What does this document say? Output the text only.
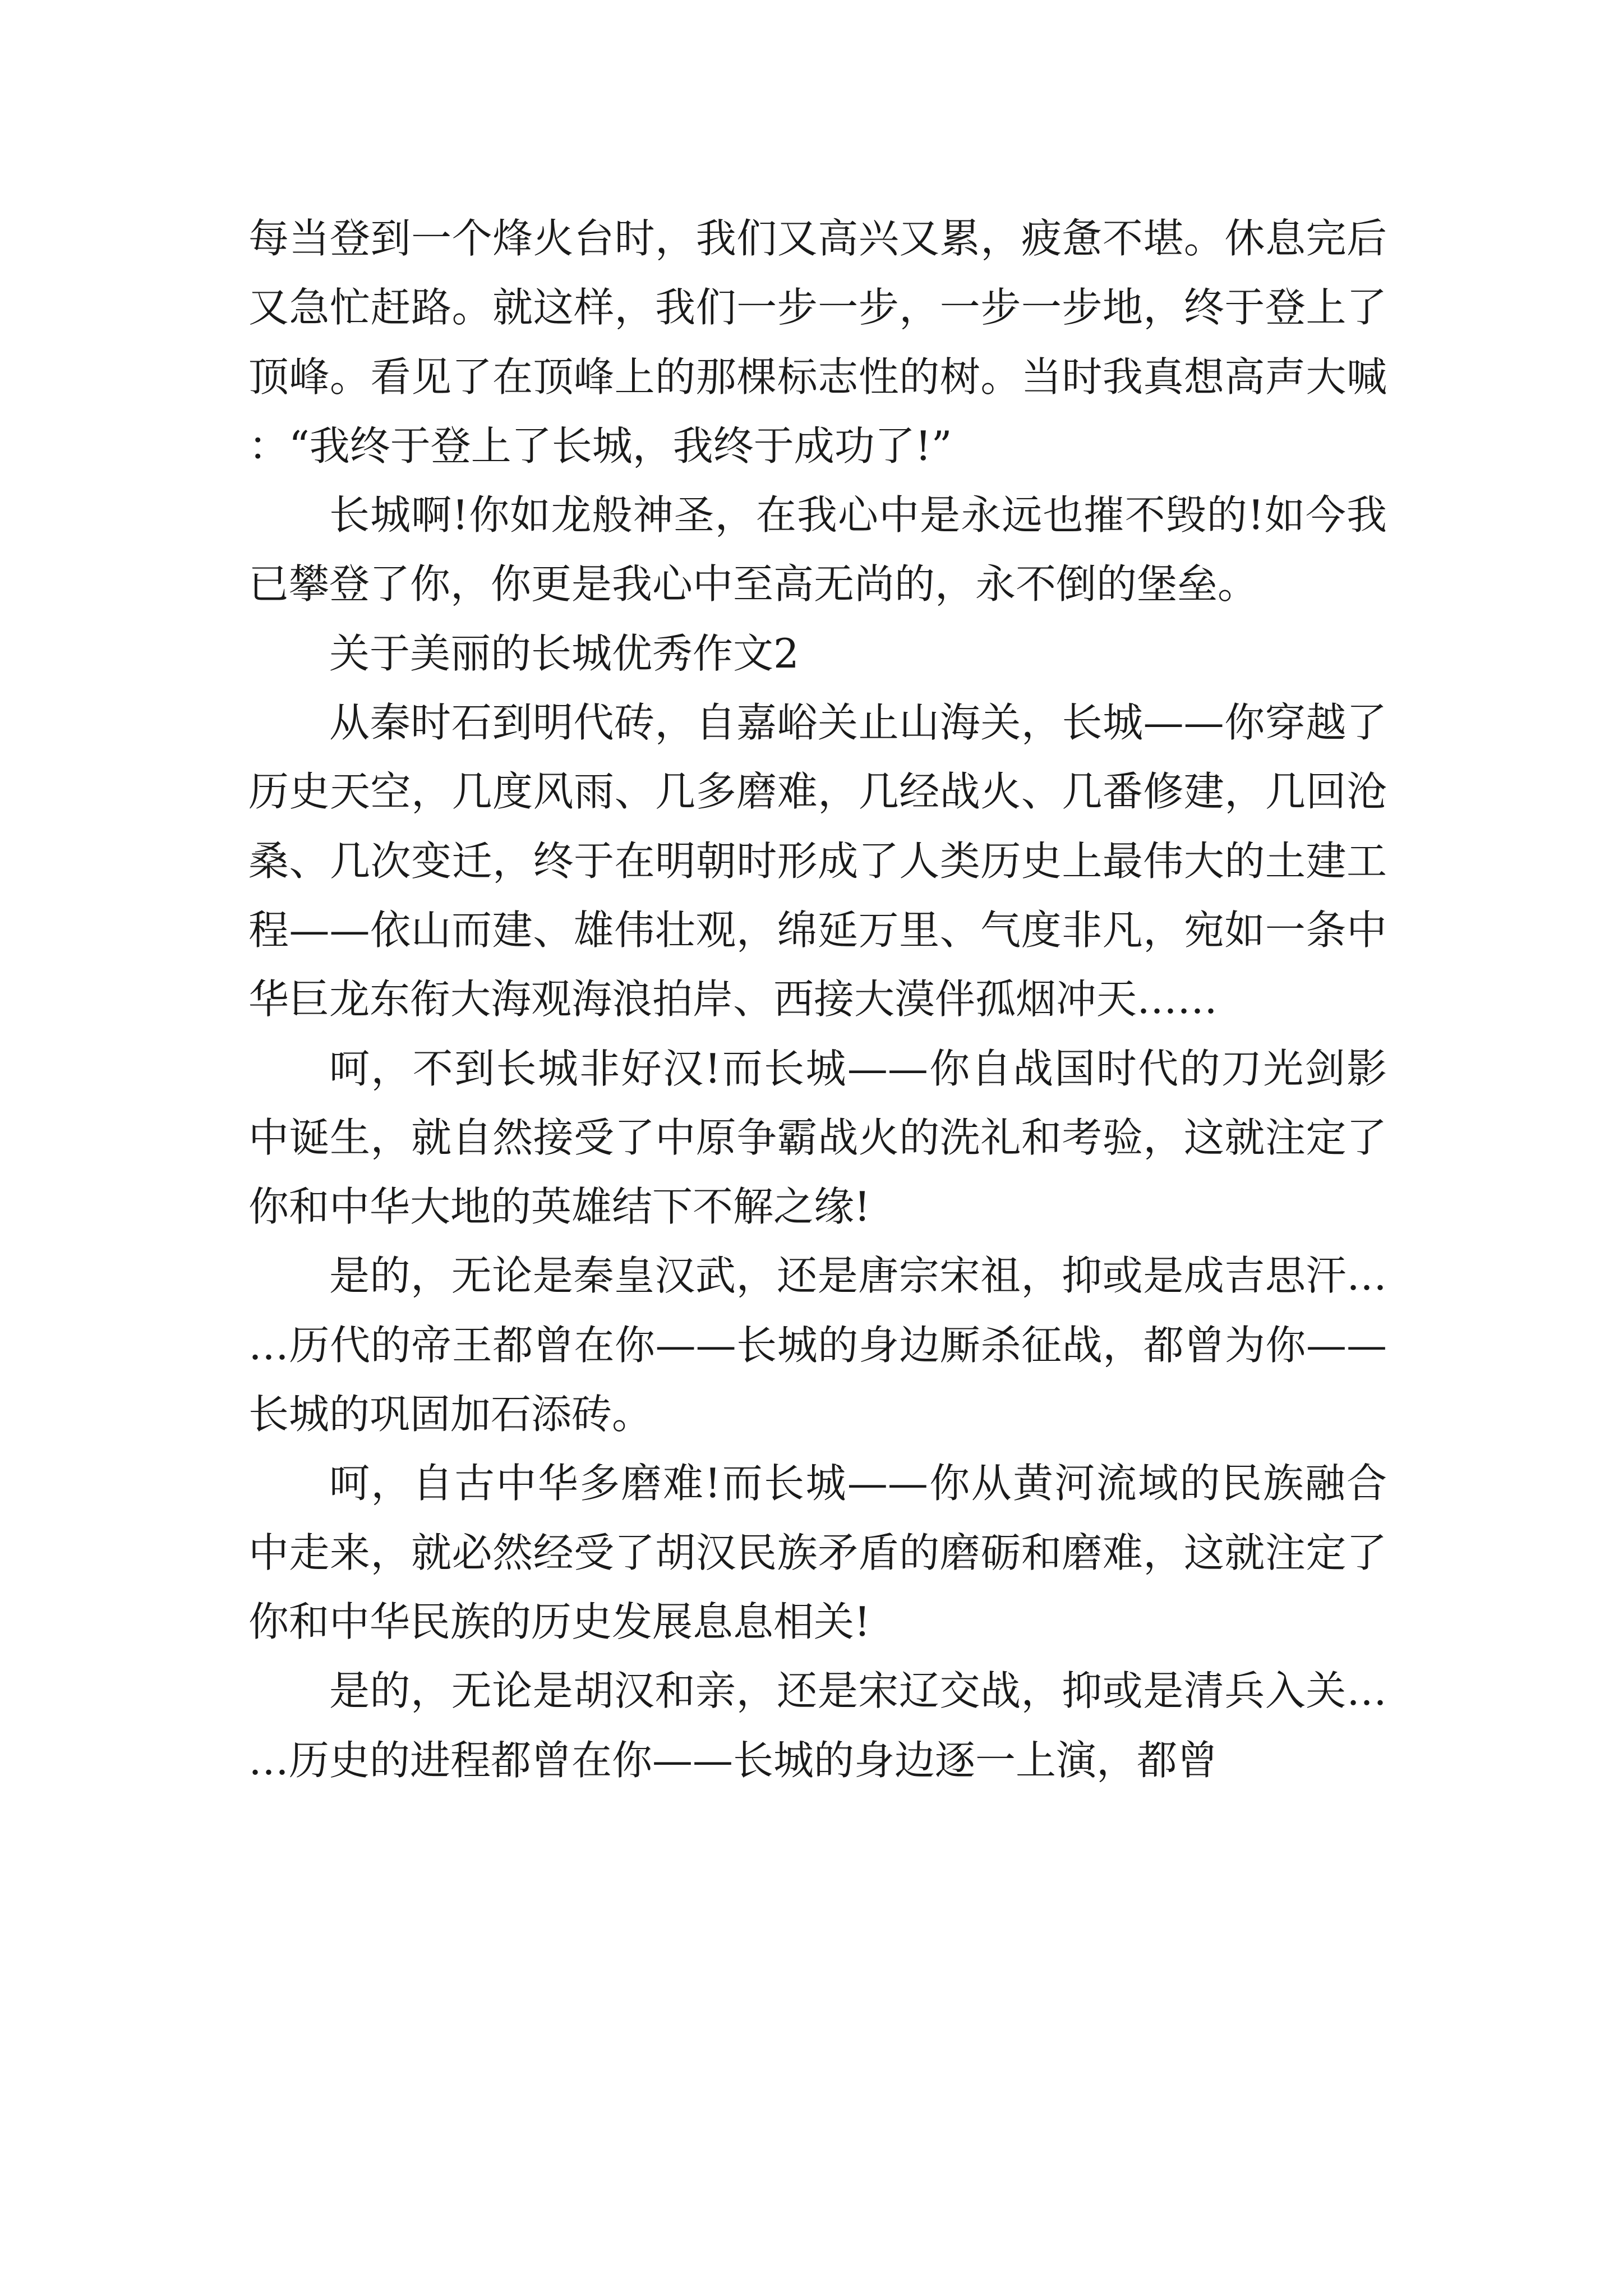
每当登到一个烽火台时，我们又高兴又累，疲惫不堪。休息完后又急忙赶路。就这样，我们一步一步，一步一步地，终于登上了顶峰。看见了在顶峰上的那棵标志性的树。当时我真想高声大喊：“我终于登上了长城，我终于成功了!”

长城啊!你如龙般神圣，在我心中是永远也摧不毁的!如今我已攀登了你，你更是我心中至高无尚的，永不倒的堡垒。

关于美丽的长城优秀作文2

从秦时石到明代砖，自嘉峪关止山海关，长城——你穿越了历史天空，几度风雨、几多磨难，几经战火、几番修建，几回沧桑、几次变迁，终于在明朝时形成了人类历史上最伟大的土建工程——依山而建、雄伟壮观，绵延万里、气度非凡，宛如一条中华巨龙东衔大海观海浪拍岸、西接大漠伴孤烟冲天……

呵，不到长城非好汉!而长城——你自战国时代的刀光剑影中诞生，就自然接受了中原争霸战火的洗礼和考验，这就注定了你和中华大地的英雄结下不解之缘!

是的，无论是秦皇汉武，还是唐宗宋祖，抑或是成吉思汗……历代的帝王都曾在你——长城的身边厮杀征战，都曾为你——长城的巩固加石添砖。

呵，自古中华多磨难!而长城——你从黄河流域的民族融合中走来，就必然经受了胡汉民族矛盾的磨砺和磨难，这就注定了你和中华民族的历史发展息息相关!

是的，无论是胡汉和亲，还是宋辽交战，抑或是清兵入关……历史的进程都曾在你——长城的身边逐一上演，都曾
